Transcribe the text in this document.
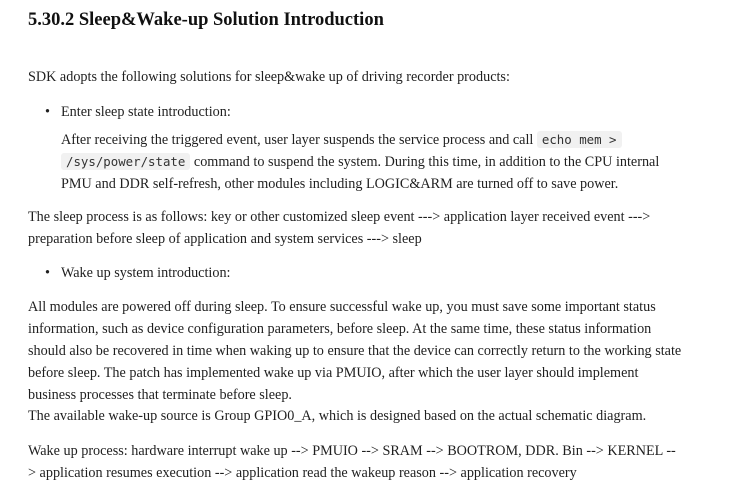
5.30.2 Sleep&Wake-up Solution Introduction

SDK adopts the following solutions for sleep&wake up of driving recorder products:

• Enter sleep state introduction:

After receiving the triggered event, user layer suspends the service process and call echo mem >
/sys/power/state command to suspend the system. During this time, in addition to the CPU internal
PMU and DDR self-refresh, other modules including LOGIC&ARM are turned off to save power.

The sleep process is as follows: key or other customized sleep event ---> application layer received event ---> preparation before sleep of application and system services ---> sleep

• Wake up system introduction:

All modules are powered off during sleep. To ensure successful wake up, you must save some important status information, such as device configuration parameters, before sleep. At the same time, these status information should also be recovered in time when waking up to ensure that the device can correctly return to the working state before sleep. The patch has implemented wake up via PMUIO, after which the user layer should implement business processes that terminate before sleep.

The available wake-up source is Group GPIO0_A, which is designed based on the actual schematic diagram.

Wake up process: hardware interrupt wake up --> PMUIO --> SRAM --> BOOTROM, DDR. Bin --> KERNEL --> application resumes execution --> application read the wakeup reason --> application recovery
